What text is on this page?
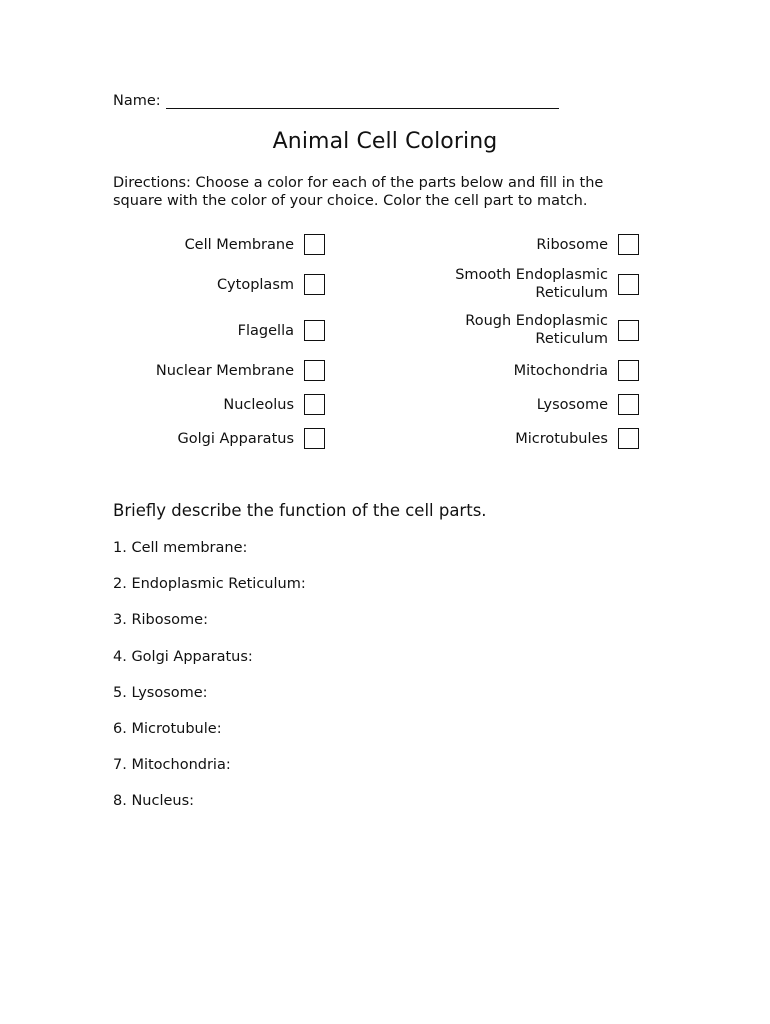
Name:
Animal Cell Coloring

Directions: Choose a color for each of the parts below and fill in the square with the color of your choice. Color the cell part to match.

Cell Membrane
Cytoplasm
Flagella
Nuclear Membrane
Nucleolus
Golgi Apparatus
Ribosome
Smooth Endoplasmic
Reticulum
Rough Endoplasmic
Reticulum
Mitochondria
Lysosome
Microtubules
Briefly describe the function of the cell parts.

1. Cell membrane:

2. Endoplasmic Reticulum:

3. Ribosome:

4. Golgi Apparatus:

5. Lysosome:

6. Microtubule:

7. Mitochondria:

8. Nucleus:
